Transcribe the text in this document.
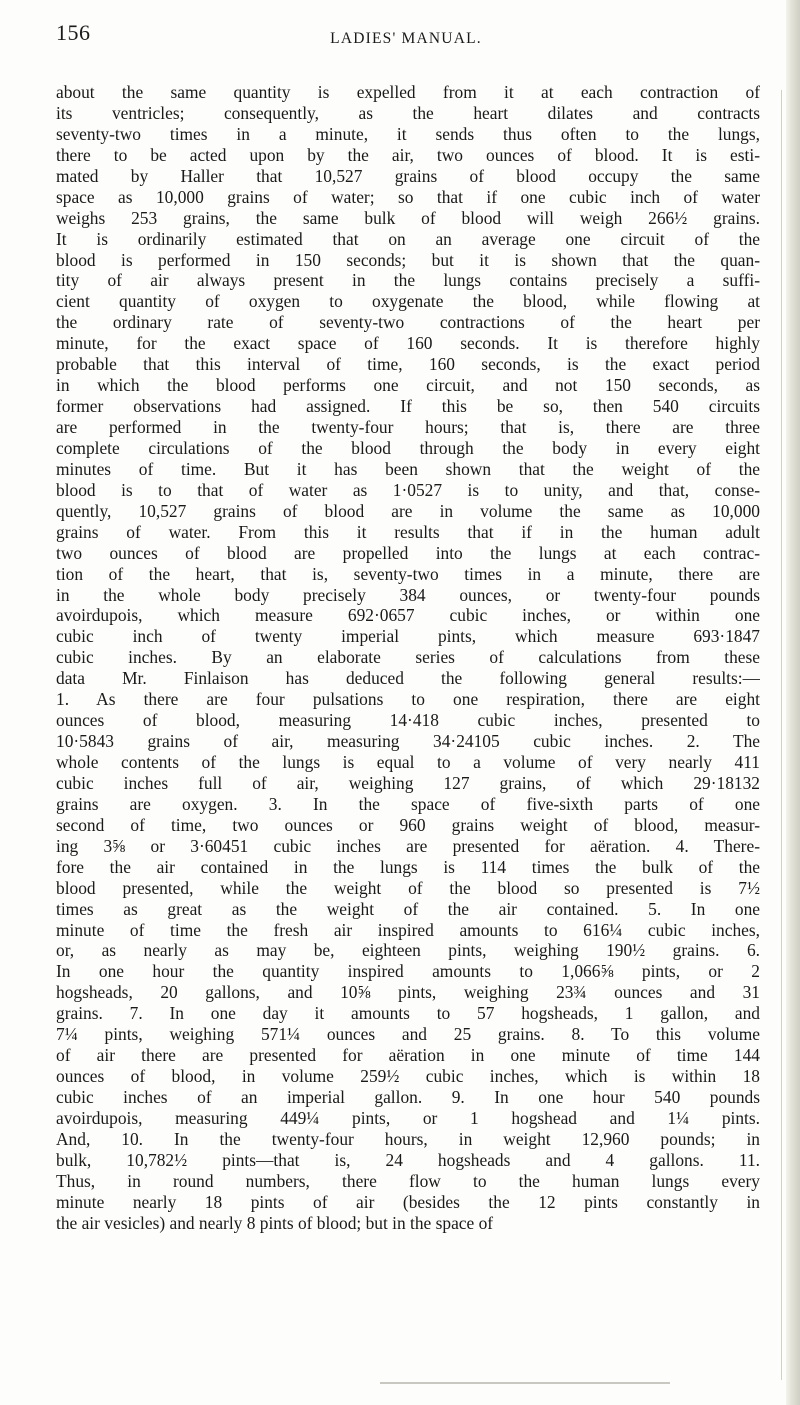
156	LADIES' MANUAL.
about the same quantity is expelled from it at each contraction of
its ventricles; consequently, as the heart dilates and contracts
seventy-two times in a minute, it sends thus often to the lungs,
there to be acted upon by the air, two ounces of blood. It is esti-
mated by Haller that 10,527 grains of blood occupy the same
space as 10,000 grains of water; so that if one cubic inch of water
weighs 253 grains, the same bulk of blood will weigh 266½ grains.
It is ordinarily estimated that on an average one circuit of the
blood is performed in 150 seconds; but it is shown that the quan-
tity of air always present in the lungs contains precisely a suffi-
cient quantity of oxygen to oxygenate the blood, while flowing at
the ordinary rate of seventy-two contractions of the heart per
minute, for the exact space of 160 seconds. It is therefore highly
probable that this interval of time, 160 seconds, is the exact period
in which the blood performs one circuit, and not 150 seconds, as
former observations had assigned. If this be so, then 540 circuits
are performed in the twenty-four hours; that is, there are three
complete circulations of the blood through the body in every eight
minutes of time. But it has been shown that the weight of the
blood is to that of water as 1·0527 is to unity, and that, conse-
quently, 10,527 grains of blood are in volume the same as 10,000
grains of water. From this it results that if in the human adult
two ounces of blood are propelled into the lungs at each contrac-
tion of the heart, that is, seventy-two times in a minute, there are
in the whole body precisely 384 ounces, or twenty-four pounds
avoirdupois, which measure 692·0657 cubic inches, or within one
cubic inch of twenty imperial pints, which measure 693·1847
cubic inches. By an elaborate series of calculations from these
data Mr. Finlaison has deduced the following general results:—
1. As there are four pulsations to one respiration, there are eight
ounces of blood, measuring 14·418 cubic inches, presented to
10·5843 grains of air, measuring 34·24105 cubic inches. 2. The
whole contents of the lungs is equal to a volume of very nearly 411
cubic inches full of air, weighing 127 grains, of which 29·18132
grains are oxygen. 3. In the space of five-sixth parts of one
second of time, two ounces or 960 grains weight of blood, measur-
ing 3⅝ or 3·60451 cubic inches are presented for aëration. 4. There-
fore the air contained in the lungs is 114 times the bulk of the
blood presented, while the weight of the blood so presented is 7½
times as great as the weight of the air contained. 5. In one
minute of time the fresh air inspired amounts to 616¼ cubic inches,
or, as nearly as may be, eighteen pints, weighing 190½ grains. 6.
In one hour the quantity inspired amounts to 1,066⅝ pints, or 2
hogsheads, 20 gallons, and 10⅝ pints, weighing 23¾ ounces and 31
grains. 7. In one day it amounts to 57 hogsheads, 1 gallon, and
7¼ pints, weighing 571¼ ounces and 25 grains. 8. To this volume
of air there are presented for aëration in one minute of time 144
ounces of blood, in volume 259½ cubic inches, which is within 18
cubic inches of an imperial gallon. 9. In one hour 540 pounds
avoirdupois, measuring 449¼ pints, or 1 hogshead and 1¼ pints.
And, 10. In the twenty-four hours, in weight 12,960 pounds; in
bulk, 10,782½ pints—that is, 24 hogsheads and 4 gallons. 11.
Thus, in round numbers, there flow to the human lungs every
minute nearly 18 pints of air (besides the 12 pints constantly in
the air vesicles) and nearly 8 pints of blood; but in the space of
